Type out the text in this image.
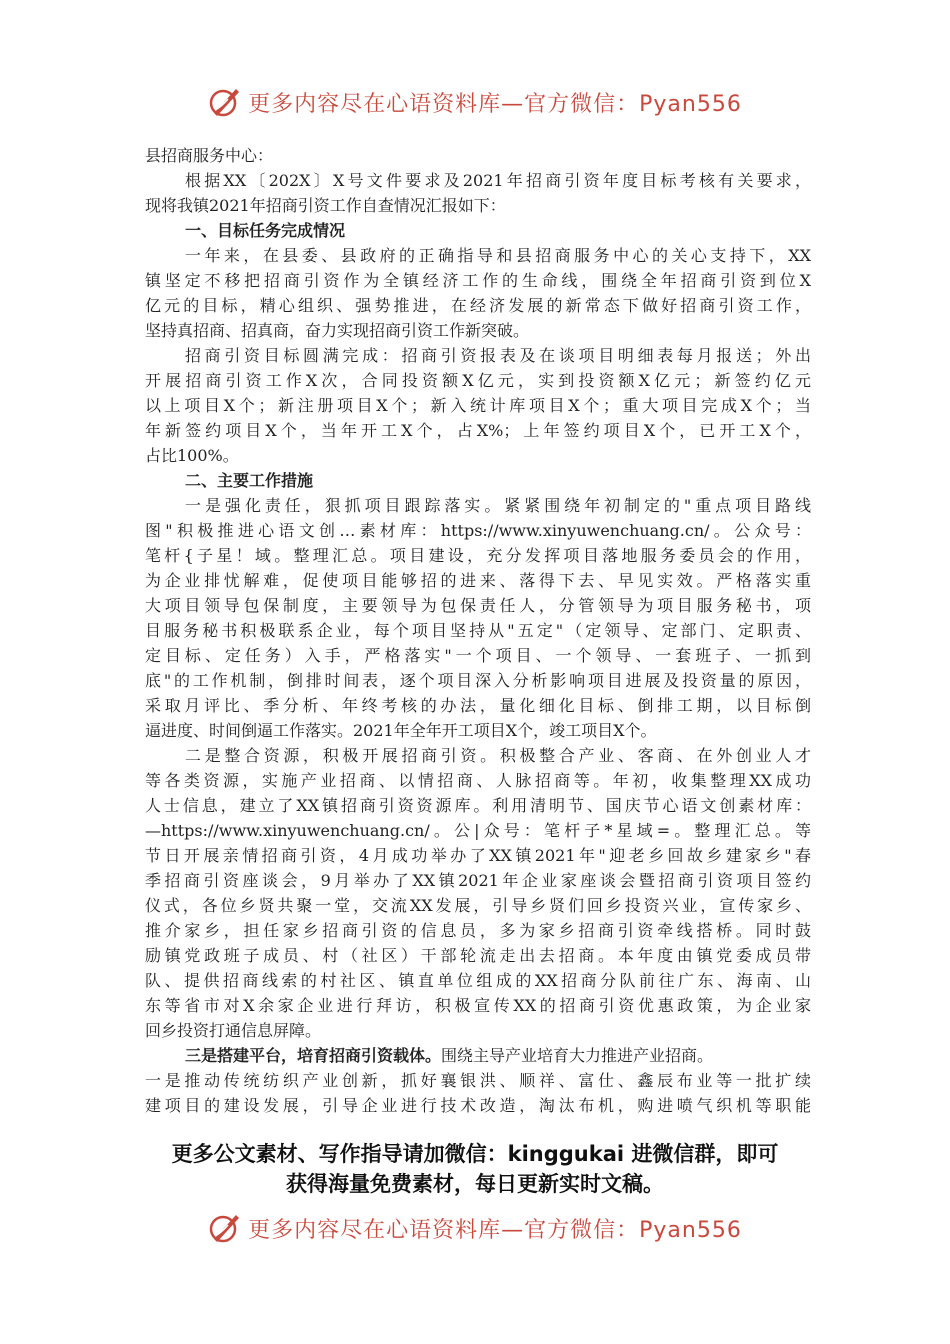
更多内容尽在心语资料库—官方微信：Pyan556
县招商服务中心：
根据XX〔202X〕X号文件要求及2021年招商引资年度目标考核有关要求，
现将我镇2021年招商引资工作自查情况汇报如下：
一、目标任务完成情况
一年来，在县委、县政府的正确指导和县招商服务中心的关心支持下，XX
镇坚定不移把招商引资作为全镇经济工作的生命线，围绕全年招商引资到位X
亿元的目标，精心组织、强势推进，在经济发展的新常态下做好招商引资工作，
坚持真招商、招真商，奋力实现招商引资工作新突破。
招商引资目标圆满完成：招商引资报表及在谈项目明细表每月报送；外出
开展招商引资工作X次，合同投资额X亿元，实到投资额X亿元；新签约亿元
以上项目X个；新注册项目X个；新入统计库项目X个；重大项目完成X个；当
年新签约项目X个，当年开工X个，占X%；上年签约项目X个，已开工X个，
占比100%。
二、主要工作措施
一是强化责任，狠抓项目跟踪落实。紧紧围绕年初制定的"重点项目路线
图"积极推进心语文创…素材库：https://www.xinyuwenchuang.cn/。公众号：
笔杆{子星！域。整理汇总。项目建设，充分发挥项目落地服务委员会的作用，
为企业排忧解难，促使项目能够招的进来、落得下去、早见实效。严格落实重
大项目领导包保制度，主要领导为包保责任人，分管领导为项目服务秘书，项
目服务秘书积极联系企业，每个项目坚持从"五定"（定领导、定部门、定职责、
定目标、定任务）入手，严格落实"一个项目、一个领导、一套班子、一抓到
底"的工作机制，倒排时间表，逐个项目深入分析影响项目进展及投资量的原因，
采取月评比、季分析、年终考核的办法，量化细化目标、倒排工期，以目标倒
逼进度、时间倒逼工作落实。2021年全年开工项目X个，竣工项目X个。
二是整合资源，积极开展招商引资。积极整合产业、客商、在外创业人才
等各类资源，实施产业招商、以情招商、人脉招商等。年初，收集整理XX成功
人士信息，建立了XX镇招商引资资源库。利用清明节、国庆节心语文创素材库：
—https://www.xinyuwenchuang.cn/。公|众号：笔杆子*星域=。整理汇总。等
节日开展亲情招商引资，4月成功举办了XX镇2021年"迎老乡回故乡建家乡"春
季招商引资座谈会，9月举办了XX镇2021年企业家座谈会暨招商引资项目签约
仪式，各位乡贤共聚一堂，交流XX发展，引导乡贤们回乡投资兴业，宣传家乡、
推介家乡，担任家乡招商引资的信息员，多为家乡招商引资牵线搭桥。同时鼓
励镇党政班子成员、村（社区）干部轮流走出去招商。本年度由镇党委成员带
队、提供招商线索的村社区、镇直单位组成的XX招商分队前往广东、海南、山
东等省市对X余家企业进行拜访，积极宣传XX的招商引资优惠政策，为企业家
回乡投资打通信息屏障。
三是搭建平台，培育招商引资载体。围绕主导产业培育大力推进产业招商。
一是推动传统纺织产业创新，抓好襄银洪、顺祥、富仕、鑫辰布业等一批扩续
建项目的建设发展，引导企业进行技术改造，淘汰布机，购进喷气织机等职能
更多公文素材、写作指导请加微信：kinggukai 进微信群，即可
获得海量免费素材，每日更新实时文稿。
更多内容尽在心语资料库—官方微信：Pyan556
